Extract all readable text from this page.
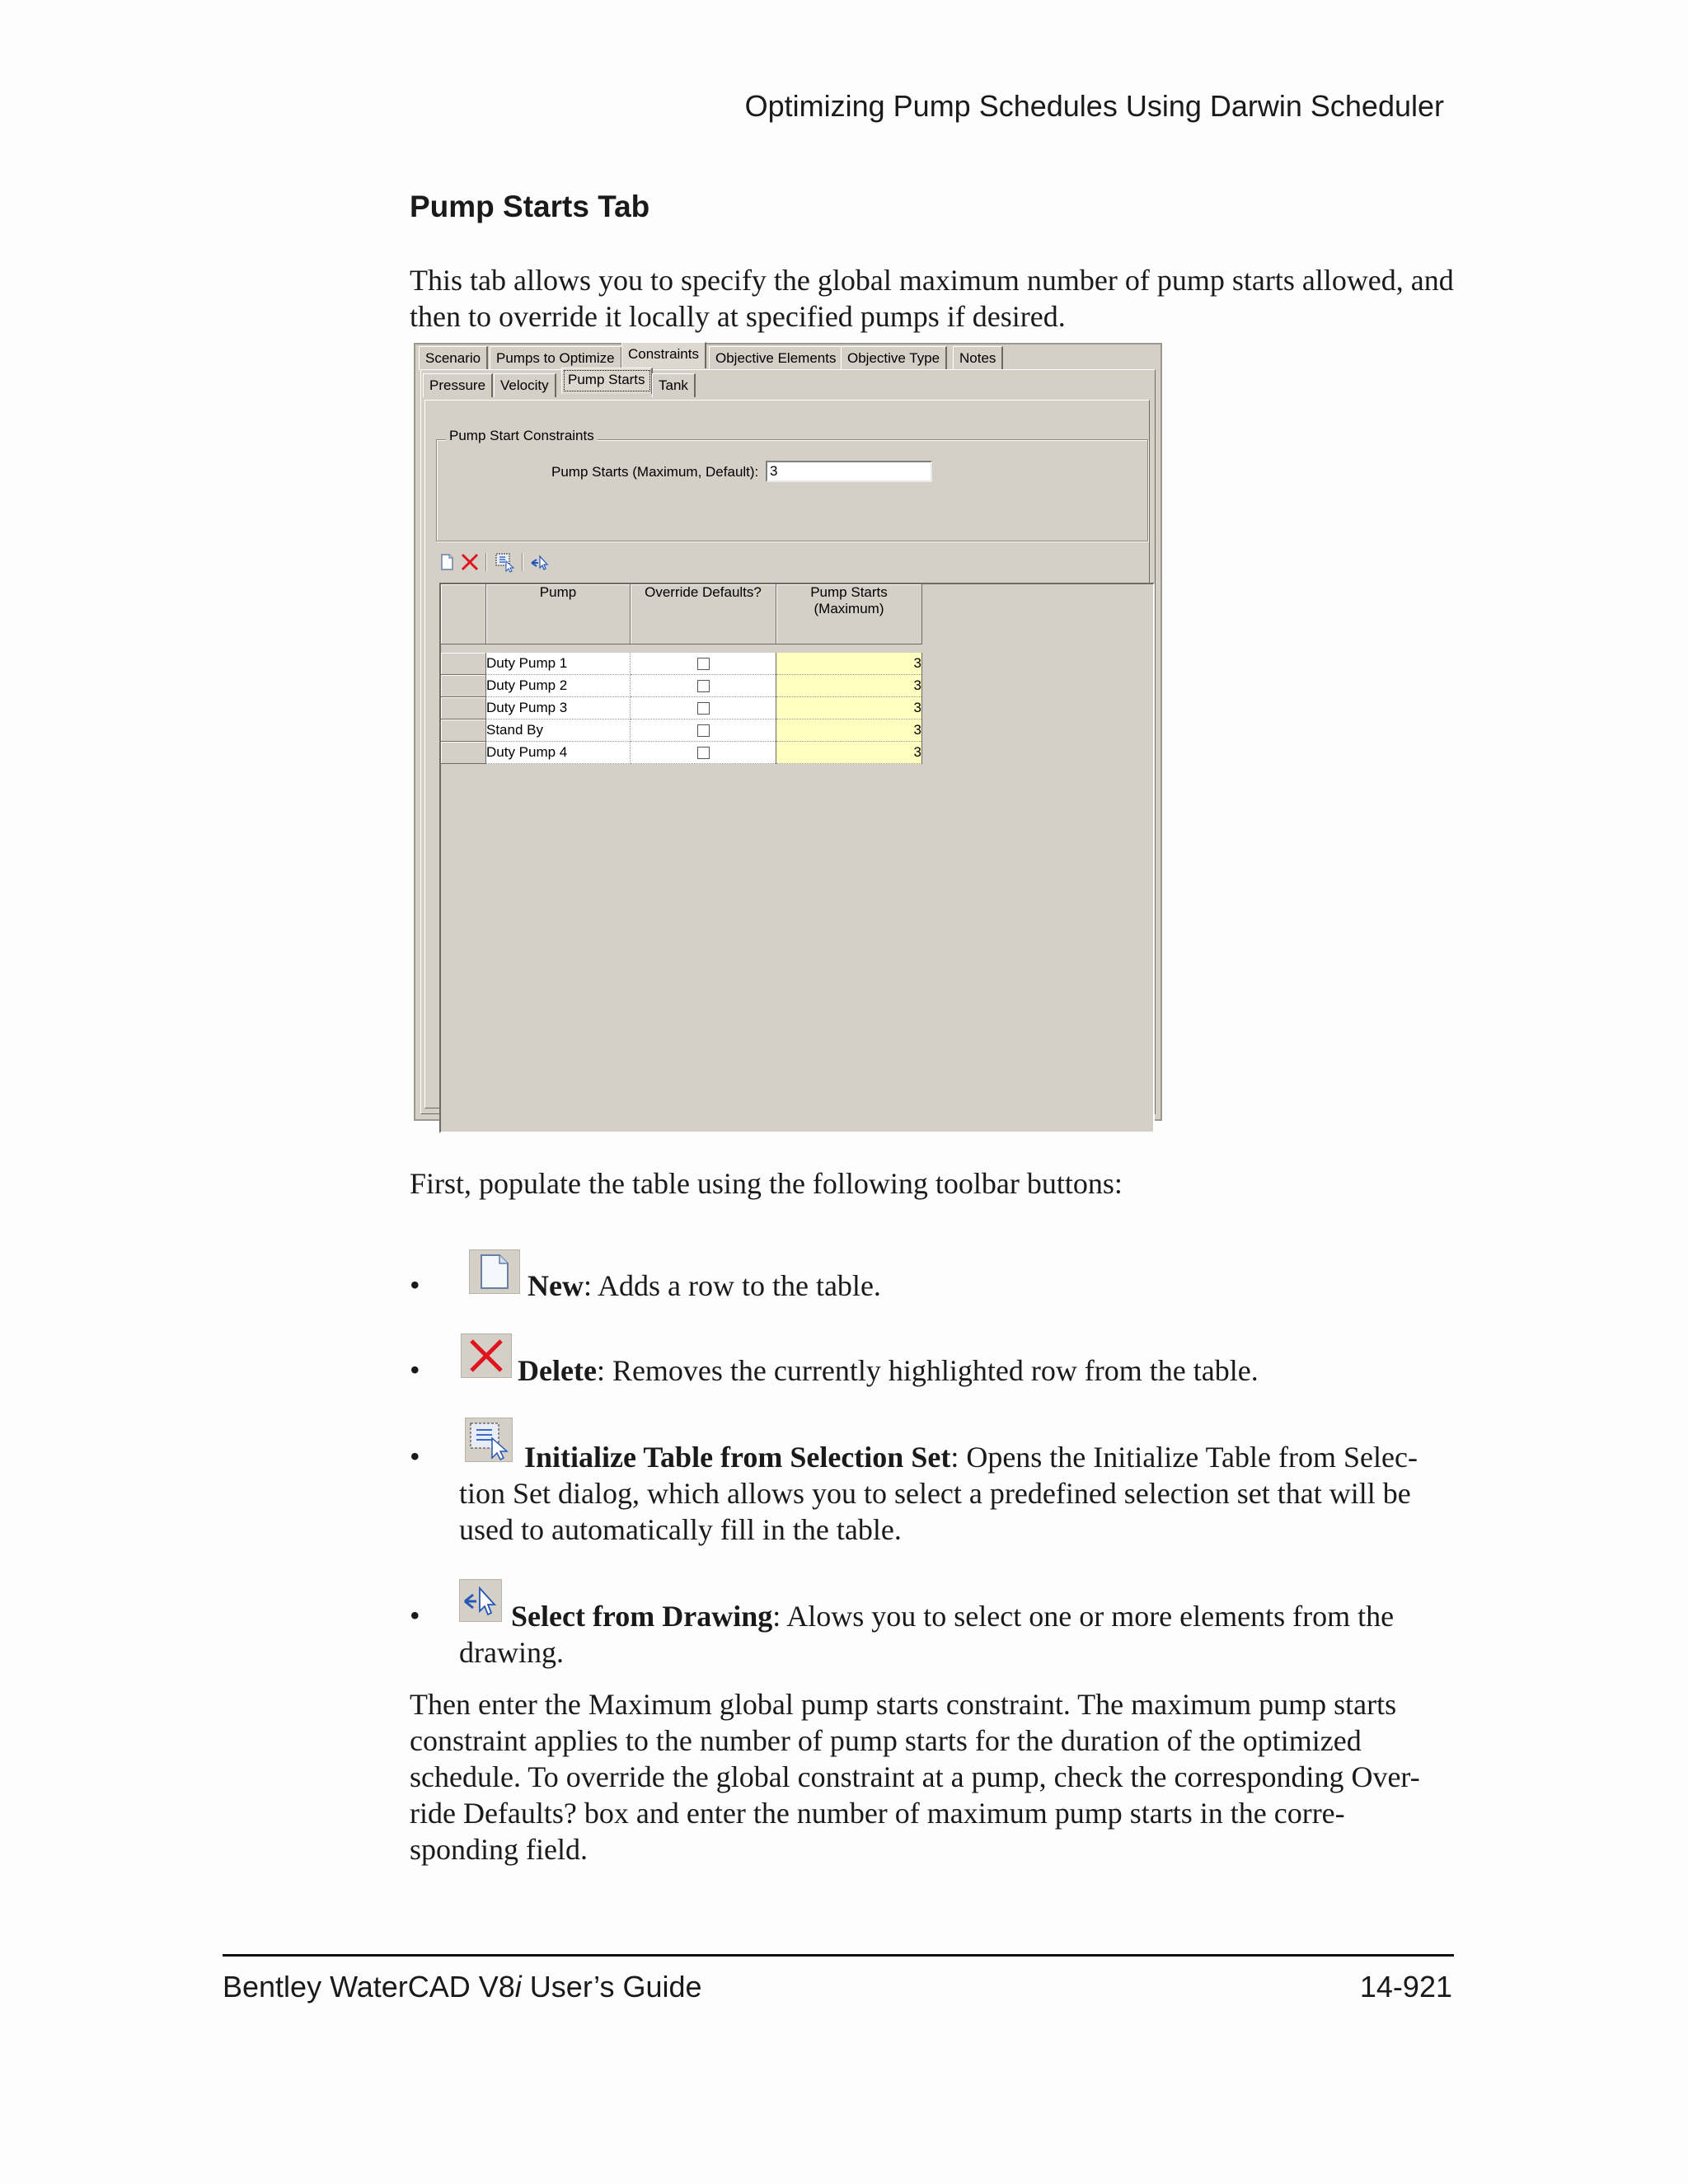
Optimizing Pump Schedules Using Darwin Scheduler
Pump Starts Tab
This tab allows you to specify the global maximum number of pump starts allowed, and then to override it locally at specified pumps if desired.
Scenario	Pumps to Optimize Constraints	Objective Elements Objective Type	Notes
Pressure	Velocity	Pump Starts Tank
Pump Start Constraints
Pump Starts (Maximum, Default): 3
	Pump	Override Defaults?	Pump Starts
(Maximum)

	Duty Pump 1		3
	Duty Pump 2		3
	Duty Pump 3		3
	Stand By		3
	Duty Pump 4		3
First, populate the table using the following toolbar buttons:
•	New: Adds a row to the table.
•	Delete: Removes the currently highlighted row from the table.
•	Initialize Table from Selection Set: Opens the Initialize Table from Selec-
tion Set dialog, which allows you to select a predefined selection set that will be
used to automatically fill in the table.
•	Select from Drawing: Alows you to select one or more elements from the
drawing.
Then enter the Maximum global pump starts constraint. The maximum pump starts
constraint applies to the number of pump starts for the duration of the optimized
schedule. To override the global constraint at a pump, check the corresponding Over-
ride Defaults? box and enter the number of maximum pump starts in the corre-
sponding field.
Bentley WaterCAD V8i User’s Guide	14-921
